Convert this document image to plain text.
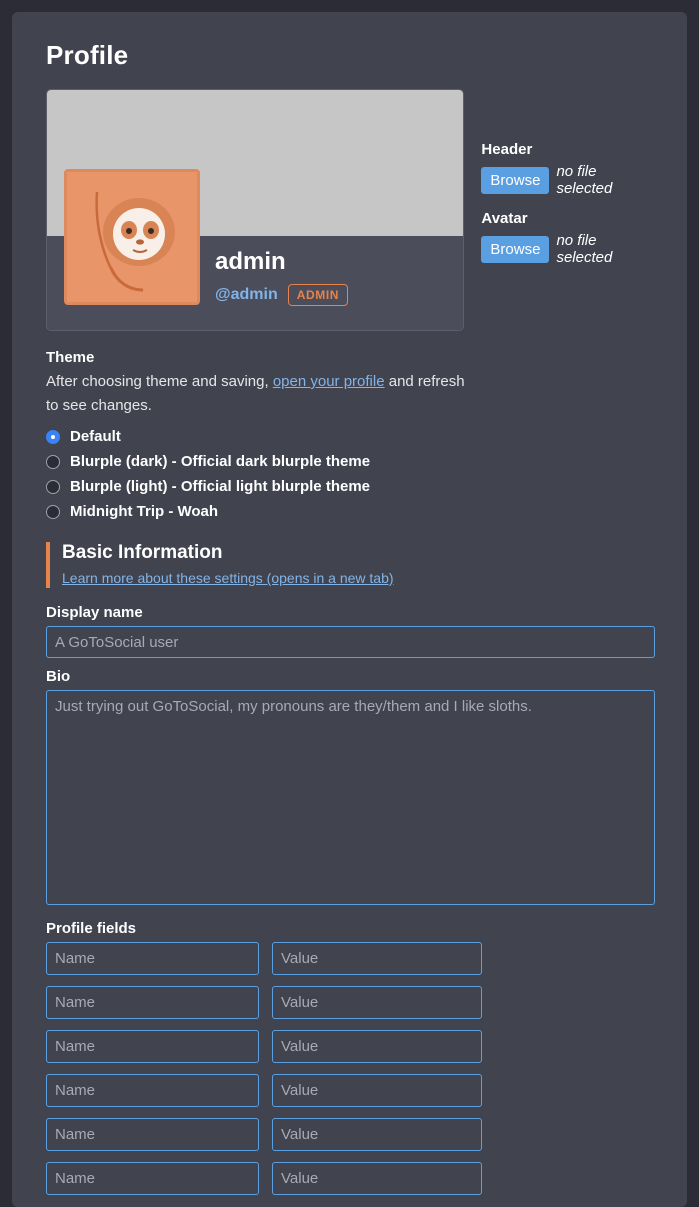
Profile
admin
@admin	ADMIN
Header
Browse	no file selected
Avatar
Browse	no file selected
Theme

After choosing theme and saving, open your profile and refresh to see changes.

Default
Blurple (dark) - Official dark blurple theme
Blurple (light) - Official light blurple theme
Midnight Trip - Woah
Basic Information
Learn more about these settings (opens in a new tab)
Display name
A GoToSocial user
Bio
Just trying out GoToSocial, my pronouns are they/them and I like sloths.
Profile fields
Name
Value
Name
Value
Name
Value
Name
Value
Name
Value
Name
Value
